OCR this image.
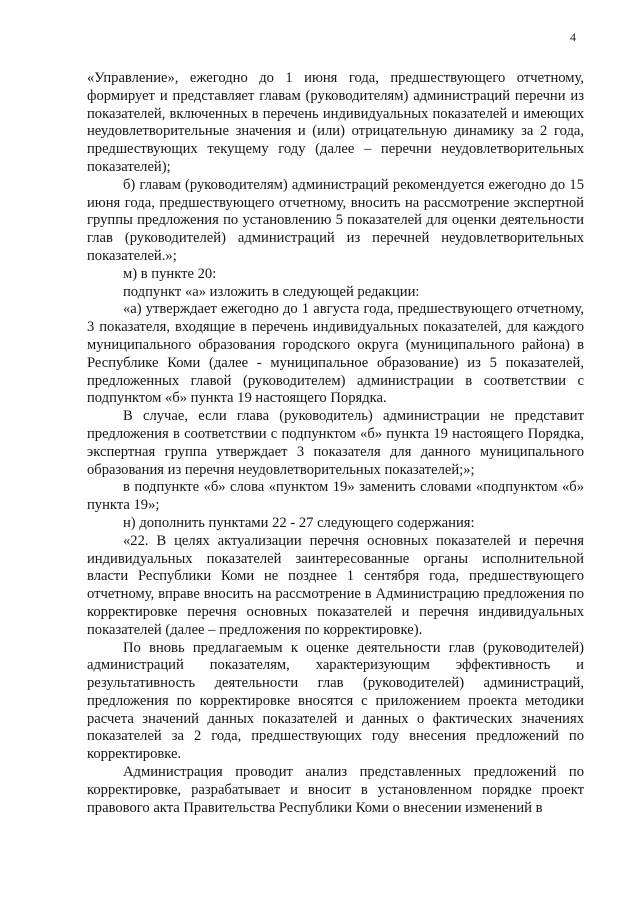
4

«Управление», ежегодно до 1 июня года, предшествующего отчетному, формирует и представляет главам (руководителям) администраций перечни из показателей, включенных в перечень индивидуальных показателей и имеющих неудовлетворительные значения и (или) отрицательную динамику за 2 года, предшествующих текущему году (далее – перечни неудовлетворительных показателей);

б) главам (руководителям) администраций рекомендуется ежегодно до 15 июня года, предшествующего отчетному, вносить на рассмотрение экспертной группы предложения по установлению 5 показателей для оценки деятельности глав (руководителей) администраций из перечней неудовлетворительных показателей.»;

м) в пункте 20:

подпункт «а» изложить в следующей редакции:

«а) утверждает ежегодно до 1 августа года, предшествующего отчетному, 3 показателя, входящие в перечень индивидуальных показателей, для каждого муниципального образования городского округа (муниципального района) в Республике Коми (далее - муниципальное образование) из 5 показателей, предложенных главой (руководителем) администрации в соответствии с подпунктом «б» пункта 19 настоящего Порядка.

В случае, если глава (руководитель) администрации не представит предложения в соответствии с подпунктом «б» пункта 19 настоящего Порядка, экспертная группа утверждает 3 показателя для данного муниципального образования из перечня неудовлетворительных показателей;»;

в подпункте «б» слова «пунктом 19» заменить словами «подпунктом «б» пункта 19»;

н) дополнить пунктами 22 - 27 следующего содержания:

«22. В целях актуализации перечня основных показателей и перечня индивидуальных показателей заинтересованные органы исполнительной власти Республики Коми не позднее 1 сентября года, предшествующего отчетному, вправе вносить на рассмотрение в Администрацию предложения по корректировке перечня основных показателей и перечня индивидуальных показателей (далее – предложения по корректировке).

По вновь предлагаемым к оценке деятельности глав (руководителей) администраций показателям, характеризующим эффективность и результативность деятельности глав (руководителей) администраций, предложения по корректировке вносятся с приложением проекта методики расчета значений данных показателей и данных о фактических значениях показателей за 2 года, предшествующих году внесения предложений по корректировке.

Администрация проводит анализ представленных предложений по корректировке, разрабатывает и вносит в установленном порядке проект правового акта Правительства Республики Коми о внесении изменений в
